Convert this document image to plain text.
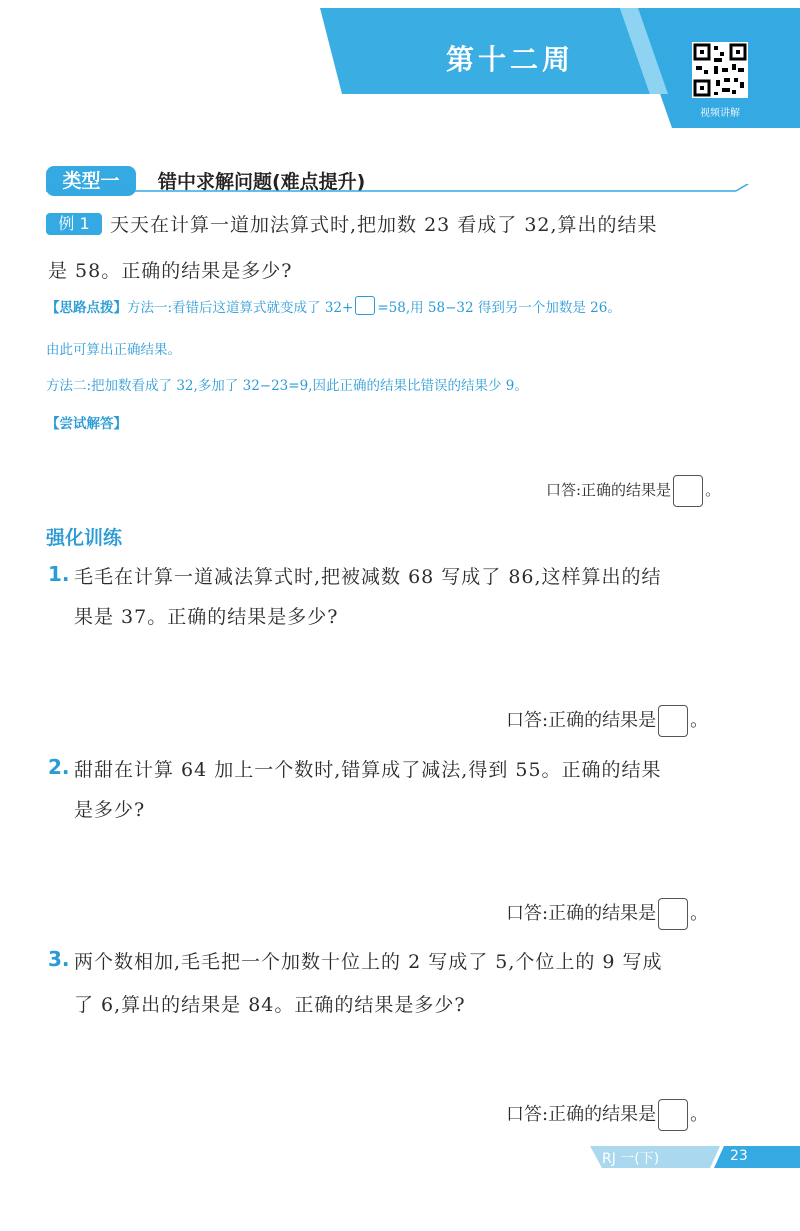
第十二周
视频讲解
类型一	错中求解问题(难点提升)
例 1	天天在计算一道加法算式时,把加数 23 看成了 32,算出的结果
是 58。正确的结果是多少?
【思路点拨】方法一:看错后这道算式就变成了 32+ =58,用 58−32 得到另一个加数是 26。
由此可算出正确结果。
方法二:把加数看成了 32,多加了 32−23=9,因此正确的结果比错误的结果少 9。
【尝试解答】
口答:正确的结果是 。
强化训练
1. 毛毛在计算一道减法算式时,把被减数 68 写成了 86,这样算出的结
果是 37。正确的结果是多少?
口答:正确的结果是 。
2. 甜甜在计算 64 加上一个数时,错算成了减法,得到 55。正确的结果
是多少?
口答:正确的结果是 。
3. 两个数相加,毛毛把一个加数十位上的 2 写成了 5,个位上的 9 写成
了 6,算出的结果是 84。正确的结果是多少?
口答:正确的结果是 。
RJ 一(下)	23
